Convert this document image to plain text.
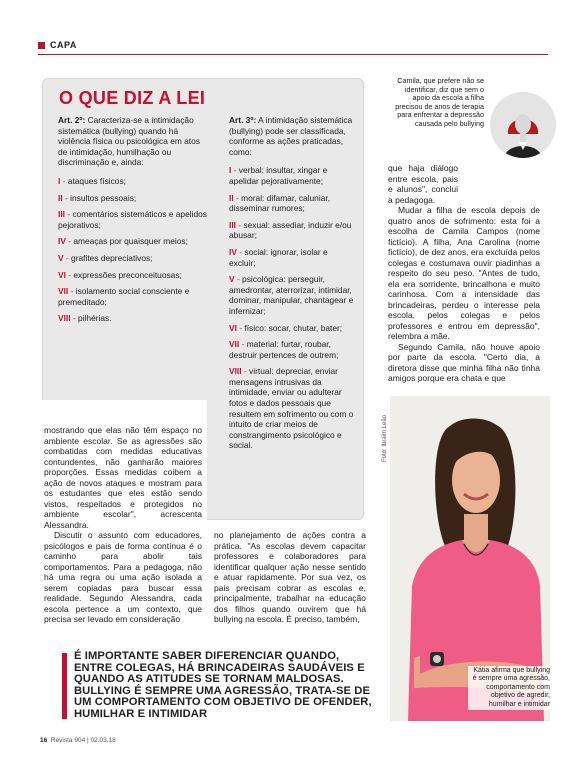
CAPA
O QUE DIZ A LEI

Art. 2º: Caracteriza-se a intimidação sistemática (bullying) quando há violência física ou psicológica em atos de intimidação, humilhação ou discriminação e, ainda:

I - ataques físicos;

II - insultos pessoais;

III - comentários sistemáticos e apelidos pejorativos;

IV - ameaças por quaisquer meios;

V - grafites depreciativos;

VI - expressões preconceituosas;

VII - isolamento social consciente e premeditado;

VIII - pilhérias.

Art. 3º: A intimidação sistemática (bullying) pode ser classificada, conforme as ações praticadas, como:

I - verbal: insultar, xingar e apelidar pejorativamente;

II - moral: difamar, caluniar, disseminar rumores;

III - sexual: assediar, induzir e/ou abusar;

IV - social: ignorar, isolar e excluir;

V - psicológica: perseguir, amedrontar, aterrorizar, intimidar, dominar, manipular, chantagear e infernizar;

VI - físico: socar, chutar, bater;

VII - material: furtar, roubar, destruir pertences de outrem;

VIII - virtual: depreciar, enviar mensagens intrusivas da intimidade, enviar ou adulterar fotos e dados pessoais que resultem em sofrimento ou com o intuito de criar meios de constrangimento psicológico e social.

mostrando que elas não têm espaço no ambiente escolar. Se as agressões são combatidas com medidas educativas contundentes, não ganharão maiores proporções. Essas medidas coibem a ação de novos ataques e mostram para os estudantes que eles estão sendo vistos, respeitados e protegidos no ambiente escolar", acrescenta Alessandra.

Discutir o assunto com educadores, psicólogos e pais de forma contínua é o caminho para abolir tais comportamentos. Para a pedagoga, não há uma regra ou uma ação isolada a serem copiadas para buscar essa realidade. Segundo Alessandra, cada escola pertence a um contexto, que precisa ser levado em consideração

no planejamento de ações contra a prática. "As escolas devem capacitar professores e colaboradores para identificar qualquer ação nesse sentido e atuar rapidamente. Por sua vez, os pais precisam cobrar as escolas e, principalmente, trabalhar na educação dos filhos quando ouvirem que há bullying na escola. É preciso, também,

que haja diálogo entre escola, pais e alunos", conclui a pedagoga.

Mudar a filha de escola depois de quatro anos de sofrimento: esta foi a escolha de Camila Campos (nome fictício). A filha, Ana Carolina (nome fictício), de dez anos, era excluída pelos colegas e costumava ouvir piadinhas a respeito do seu peso. "Antes de tudo, ela era sorridente, brincalhona e muito carinhosa. Com a intensidade das brincadeiras, perdeu o interesse pela escola, pelos colegas e pelos professores e entrou em depressão", relembra a mãe.

Segundo Camila, não houve apoio por parte da escola. "Certo dia, a diretora disse que minha filha não tinha amigos porque era chata e que

Camila, que prefere não se identificar, diz que sem o apoio da escola a filha precisou de anos de terapia para enfrentar a depressão causada pelo bullying
Foto: Ibraim Leão
Kátia afirma que bullying é sempre uma agressão, comportamento com objetivo de agredir, humilhar e intimidar
É IMPORTANTE SABER DIFERENCIAR QUANDO, ENTRE COLEGAS, HÁ BRINCADEIRAS SAUDÁVEIS E QUANDO AS ATITUDES SE TORNAM MALDOSAS. BULLYING É SEMPRE UMA AGRESSÃO, TRATA-SE DE UM COMPORTAMENTO COM OBJETIVO DE OFENDER, HUMILHAR E INTIMIDAR
16 Revista 904 | 02.03.18
